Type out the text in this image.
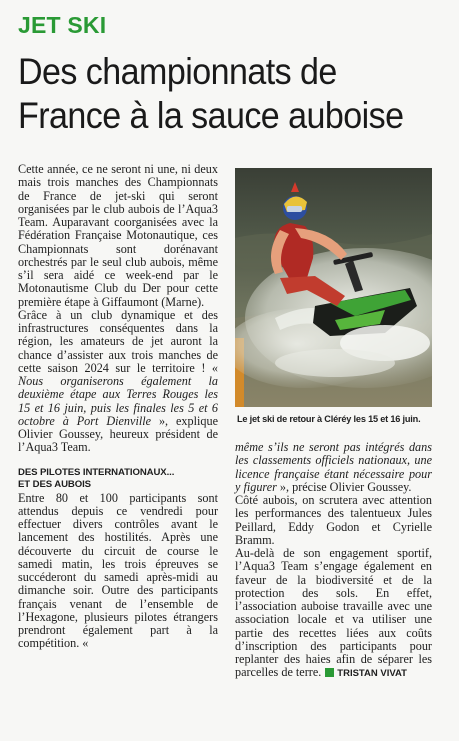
JET SKI
Des championnats de
France à la sauce auboise

Cette année, ce ne seront ni une, ni deux mais trois manches des Championnats de France de jet-ski qui seront organisées par le club aubois de l’Aqua3 Team. Auparavant coorganisées avec la Fédération Française Motonautique, ces Championnats sont dorénavant orchestrés par le seul club aubois, même s’il sera aidé ce week-end par le Motonautisme Club du Der pour cette première étape à Giffaumont (Marne).

Grâce à un club dynamique et des infrastructures conséquentes dans la région, les amateurs de jet auront la chance d’assister aux trois manches de cette saison 2024 sur le territoire ! « Nous organiserons également la deuxième étape aux Terres Rouges les 15 et 16 juin, puis les finales les 5 et 6 octobre à Port Dienville », explique Olivier Goussey, heureux président de l’Aqua3 Team.

DES PILOTES INTERNATIONAUX...
ET DES AUBOIS

Entre 80 et 100 participants sont attendus depuis ce vendredi pour effectuer divers contrôles avant le lancement des hostilités. Après une découverte du circuit de course le samedi matin, les trois épreuves se succéderont du samedi après-midi au dimanche soir. Outre des participants français venant de l’ensemble de l’Hexagone, plusieurs pilotes étrangers prendront également part à la compétition. «

Le jet ski de retour à Cléréy les 15 et 16 juin.

même s’ils ne seront pas intégrés dans les classements officiels nationaux, une licence française étant nécessaire pour y figurer », précise Olivier Goussey.

Côté aubois, on scrutera avec attention les performances des talentueux Jules Peillard, Eddy Godon et Cyrielle Bramm.

Au-delà de son engagement sportif, l’Aqua3 Team s’engage également en faveur de la biodiversité et de la protection des sols. En effet, l’association auboise travaille avec une association locale et va utiliser une partie des recettes liées aux coûts d’inscription des participants pour replanter des haies afin de séparer les parcelles de terre. TRISTAN VIVAT
